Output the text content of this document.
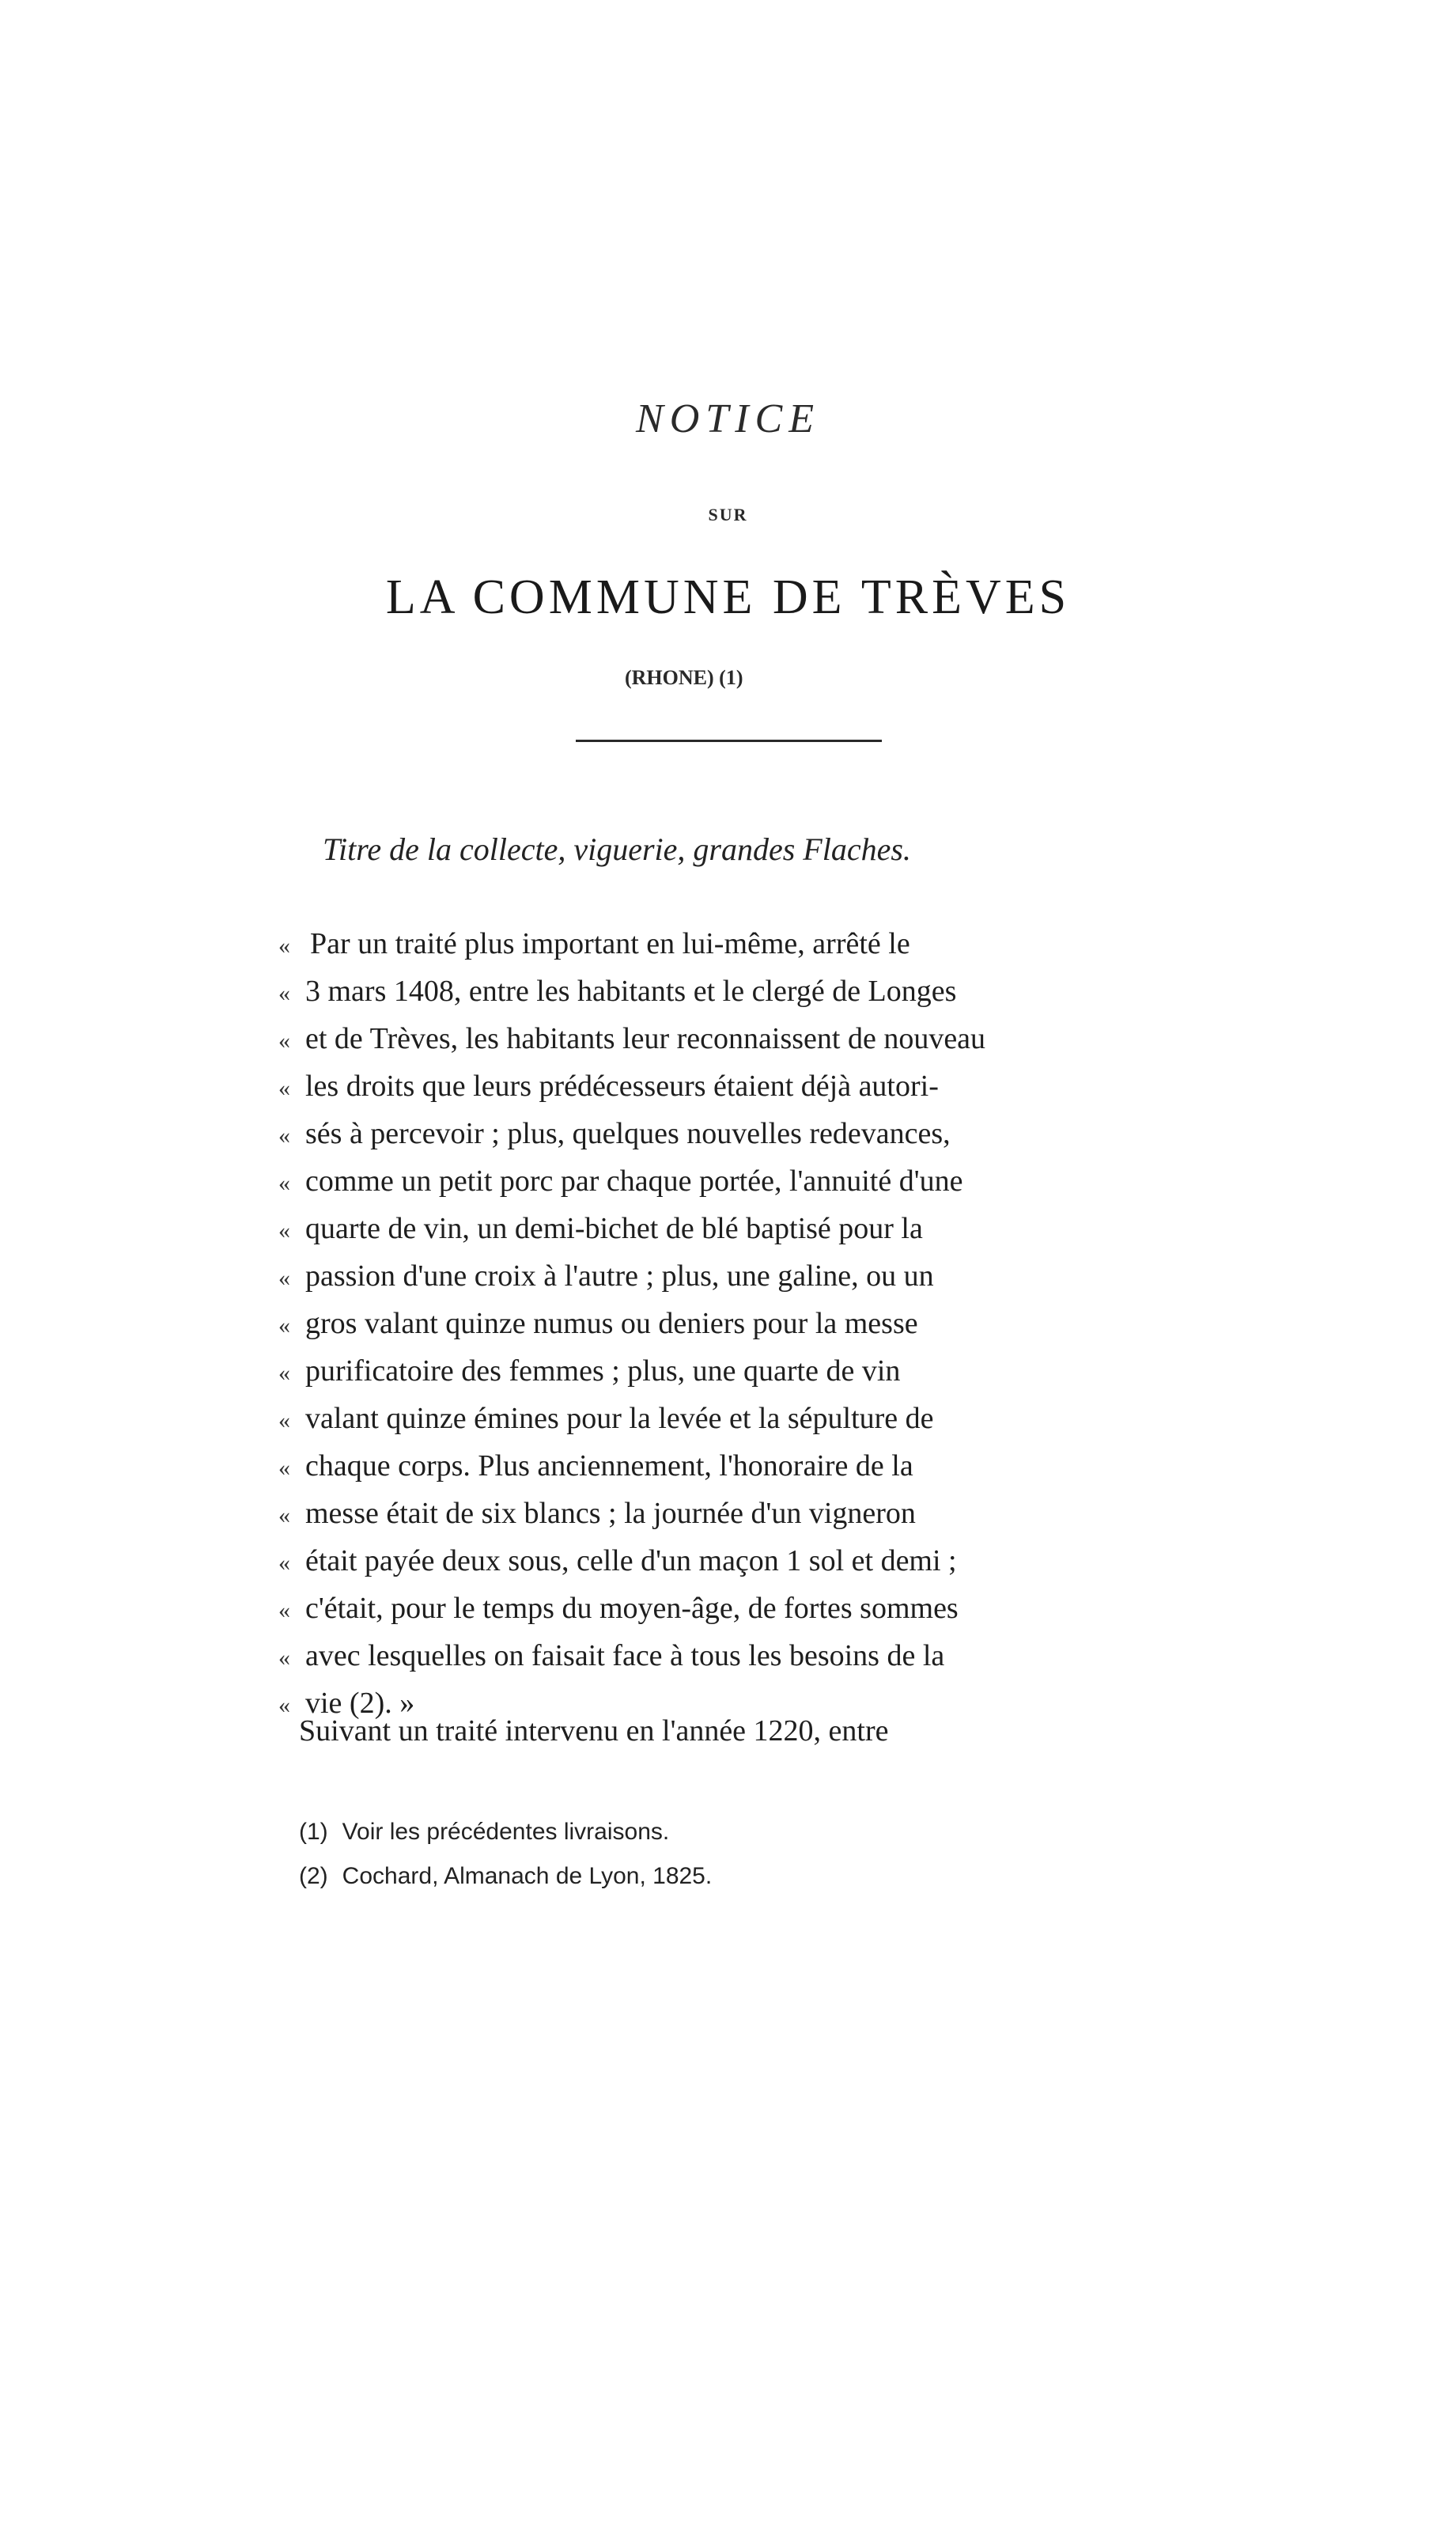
NOTICE
SUR
LA COMMUNE DE TRÈVES
(RHONE) (1)
Titre de la collecte, viguerie, grandes Flaches.
« Par un traité plus important en lui-même, arrêté le
« 3 mars 1408, entre les habitants et le clergé de Longes
« et de Trèves, les habitants leur reconnaissent de nouveau
« les droits que leurs prédécesseurs étaient déjà autori-
« sés à percevoir ; plus, quelques nouvelles redevances,
« comme un petit porc par chaque portée, l'annuité d'une
« quarte de vin, un demi-bichet de blé baptisé pour la
« passion d'une croix à l'autre ; plus, une galine, ou un
« gros valant quinze numus ou deniers pour la messe
« purificatoire des femmes ; plus, une quarte de vin
« valant quinze émines pour la levée et la sépulture de
« chaque corps. Plus anciennement, l'honoraire de la
« messe était de six blancs ; la journée d'un vigneron
« était payée deux sous, celle d'un maçon 1 sol et demi ;
« c'était, pour le temps du moyen-âge, de fortes sommes
« avec lesquelles on faisait face à tous les besoins de la
« vie (2). »
Suivant un traité intervenu en l'année 1220, entre
(1) Voir les précédentes livraisons.
(2) Cochard, Almanach de Lyon, 1825.
